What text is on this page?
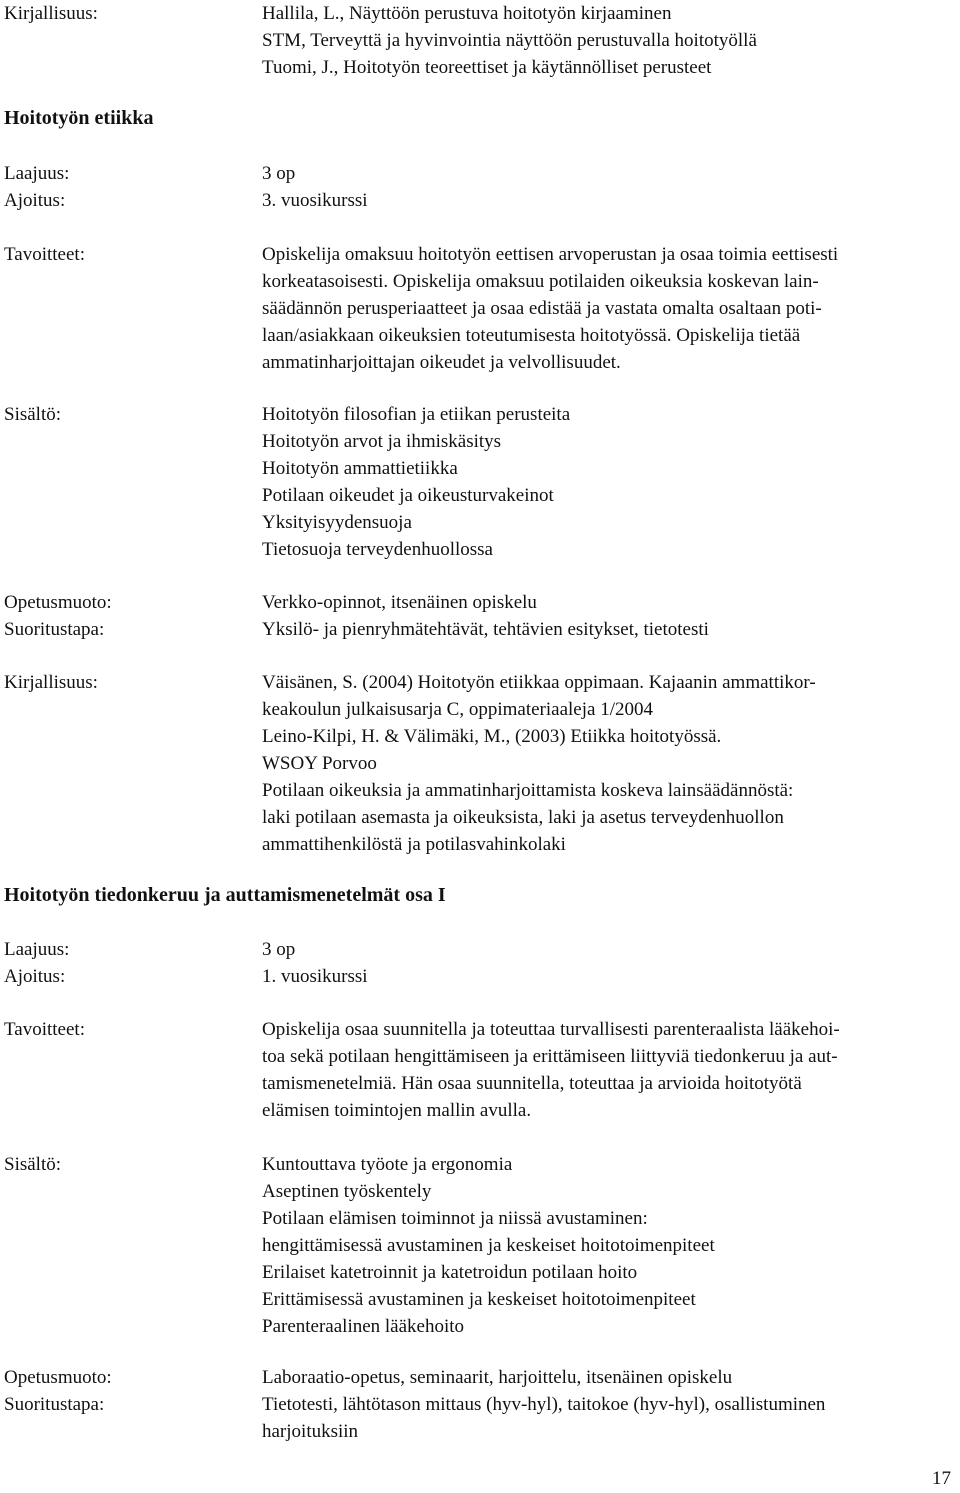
Kirjallisuus:	Hallila, L., Näyttöön perustuva hoitotyön kirjaaminen
STM, Terveyttä ja hyvinvointia näyttöön perustuvalla hoitotyöllä
Tuomi, J., Hoitotyön teoreettiset ja käytännölliset perusteet
Hoitotyön etiikka
Laajuus:	3 op
Ajoitus:	3. vuosikurssi
Tavoitteet:	Opiskelija omaksuu hoitotyön eettisen arvoperustan ja osaa toimia eettisesti
korkeatasoisesti. Opiskelija omaksuu potilaiden oikeuksia koskevan lain-
säädännön perusperiaatteet ja osaa edistää ja vastata omalta osaltaan poti-
laan/asiakkaan oikeuksien toteutumisesta hoitotyössä. Opiskelija tietää
ammatinharjoittajan oikeudet ja velvollisuudet.
Sisältö:	Hoitotyön filosofian ja etiikan perusteita
Hoitotyön arvot ja ihmiskäsitys
Hoitotyön ammattietiikka
Potilaan oikeudet ja oikeusturvakeinot
Yksityisyydensuoja
Tietosuoja terveydenhuollossa
Opetusmuoto:	Verkko-opinnot, itsenäinen opiskelu
Suoritustapa:	Yksilö- ja pienryhmätehtävät, tehtävien esitykset, tietotesti
Kirjallisuus:	Väisänen, S. (2004) Hoitotyön etiikkaa oppimaan. Kajaanin ammattikor-
keakoulun julkaisusarja C, oppimateriaaleja 1/2004
Leino-Kilpi, H. & Välimäki, M., (2003) Etiikka hoitotyössä.
WSOY Porvoo
Potilaan oikeuksia ja ammatinharjoittamista koskeva lainsäädännöstä:
laki potilaan asemasta ja oikeuksista, laki ja asetus terveydenhuollon
ammattihenkilöstä ja potilasvahinkolaki
Hoitotyön tiedonkeruu ja auttamismenetelmät osa I
Laajuus:	3 op
Ajoitus:	1. vuosikurssi
Tavoitteet:	Opiskelija osaa suunnitella ja toteuttaa turvallisesti parenteraalista lääkehoi-
toa sekä potilaan hengittämiseen ja erittämiseen liittyviä tiedonkeruu ja aut-
tamismenetelmiä. Hän osaa suunnitella, toteuttaa ja arvioida hoitotyötä
elämisen toimintojen mallin avulla.
Sisältö:	Kuntouttava työote ja ergonomia
Aseptinen työskentely
Potilaan elämisen toiminnot ja niissä avustaminen:
hengittämisessä avustaminen ja keskeiset hoitotoimenpiteet
Erilaiset katetroinnit ja katetroidun potilaan hoito
Erittämisessä avustaminen ja keskeiset hoitotoimenpiteet
Parenteraalinen lääkehoito
Opetusmuoto:	Laboraatio-opetus, seminaarit, harjoittelu, itsenäinen opiskelu
Suoritustapa:	Tietotesti, lähtötason mittaus (hyv-hyl), taitokoe (hyv-hyl), osallistuminen
harjoituksiin
17
